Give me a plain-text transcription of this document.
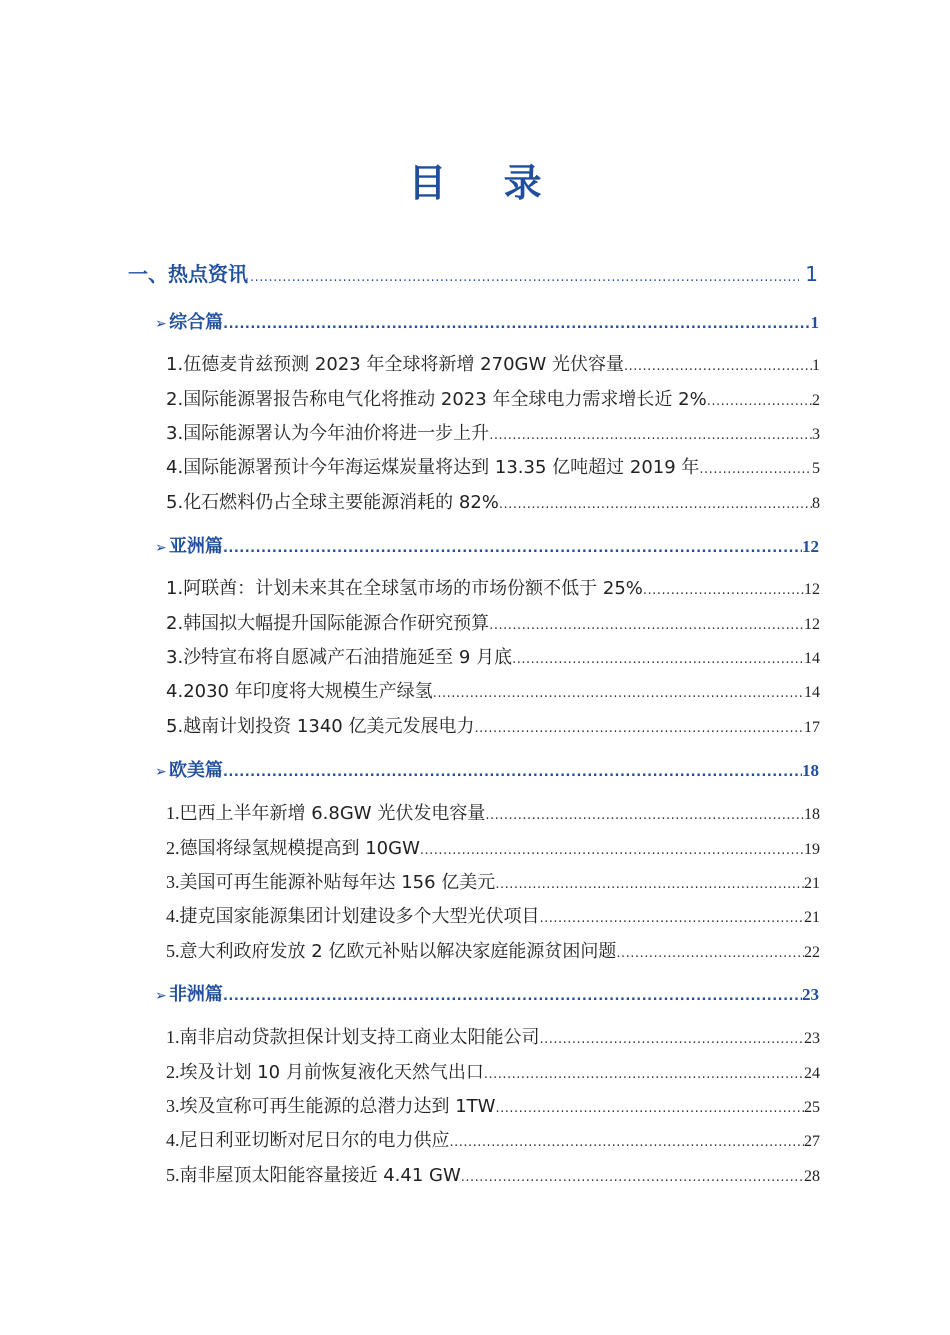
目 录
一、热点资讯 .....	1
➢ 综合篇 .....	1
1. 伍德麦肯兹预测 2023 年全球将新增 270GW 光伏容量 .....	1
2. 国际能源署报告称电气化将推动 2023 年全球电力需求增长近 2% .....	2
3. 国际能源署认为今年油价将进一步上升 .....	3
4. 国际能源署预计今年海运煤炭量将达到 13.35 亿吨超过 2019 年 .....	5
5. 化石燃料仍占全球主要能源消耗的 82% .....	8
➢ 亚洲篇 .....	12
1. 阿联酋：计划未来其在全球氢市场的市场份额不低于 25% .....	12
2. 韩国拟大幅提升国际能源合作研究预算 .....	12
3. 沙特宣布将自愿减产石油措施延至 9 月底 .....	14
4. 2030 年印度将大规模生产绿氢 .....	14
5. 越南计划投资 1340 亿美元发展电力 .....	17
➢ 欧美篇 .....	18
1. 巴西上半年新增 6.8GW 光伏发电容量 .....	18
2. 德国将绿氢规模提高到 10GW .....	19
3. 美国可再生能源补贴每年达 156 亿美元 .....	21
4. 捷克国家能源集团计划建设多个大型光伏项目 .....	21
5. 意大利政府发放 2 亿欧元补贴以解决家庭能源贫困问题 .....	22
➢ 非洲篇 .....	23
1. 南非启动贷款担保计划支持工商业太阳能公司 .....	23
2. 埃及计划 10 月前恢复液化天然气出口 .....	24
3. 埃及宣称可再生能源的总潜力达到 1TW .....	25
4. 尼日利亚切断对尼日尔的电力供应 .....	27
5. 南非屋顶太阳能容量接近 4.41 GW .....	28
